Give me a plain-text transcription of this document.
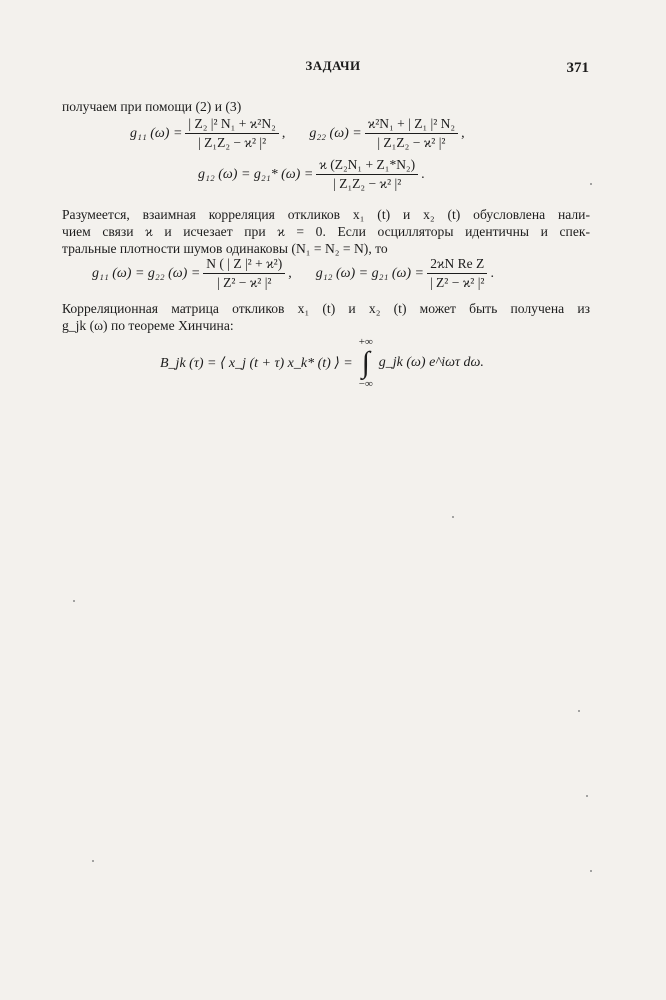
ЗАДАЧИ	371
получаем при помощи (2) и (3)
g₁₁ $(\omega) = \frac{\text{| Z₂ |² N₁ + ϰ²N₂}}{\text{| Z₁Z₂ − ϰ² |²}}$ , g₂₂ $(\omega) = \frac{\text{ϰ²N₁ + | Z₁ |² N₂}}{\text{| Z₁Z₂ − ϰ² |²}}$ ,
g₁₂ (ω) = g₂₁* $(\omega) = \frac{\text{ϰ (Z₂N₁ + Z₁*N₂)}}{\text{| Z₁Z₂ − ϰ² |²}}$ .
Разумеется, взаимная корреляция откликов x₁ (t) и x₂ (t) обусловлена нали-
чием связи ϰ и исчезает при ϰ = 0. Если осцилляторы идентичны и спек-
тральные плотности шумов одинаковы (N₁ = N₂ = N), то
g₁₁ (ω) = g₂₂ $(\omega) = \frac{\text{N ( | Z |² + ϰ²)}}{\text{| Z² − ϰ² |²}}$ , g₁₂ (ω) = g₂₁ $(\omega) = \frac{\text{2ϰN Re Z}}{\text{| Z² − ϰ² |²}}$ .
Корреляционная матрица откликов x₁ (t) и x₂ (t) может быть получена из
g_jk (ω) по теореме Хинчина:
B_jk (τ) = ⟨ x_j (t + τ) x_k* (t) ⟩ =
+∞
∫
−∞
g_jk (ω) e^iωτ dω.
